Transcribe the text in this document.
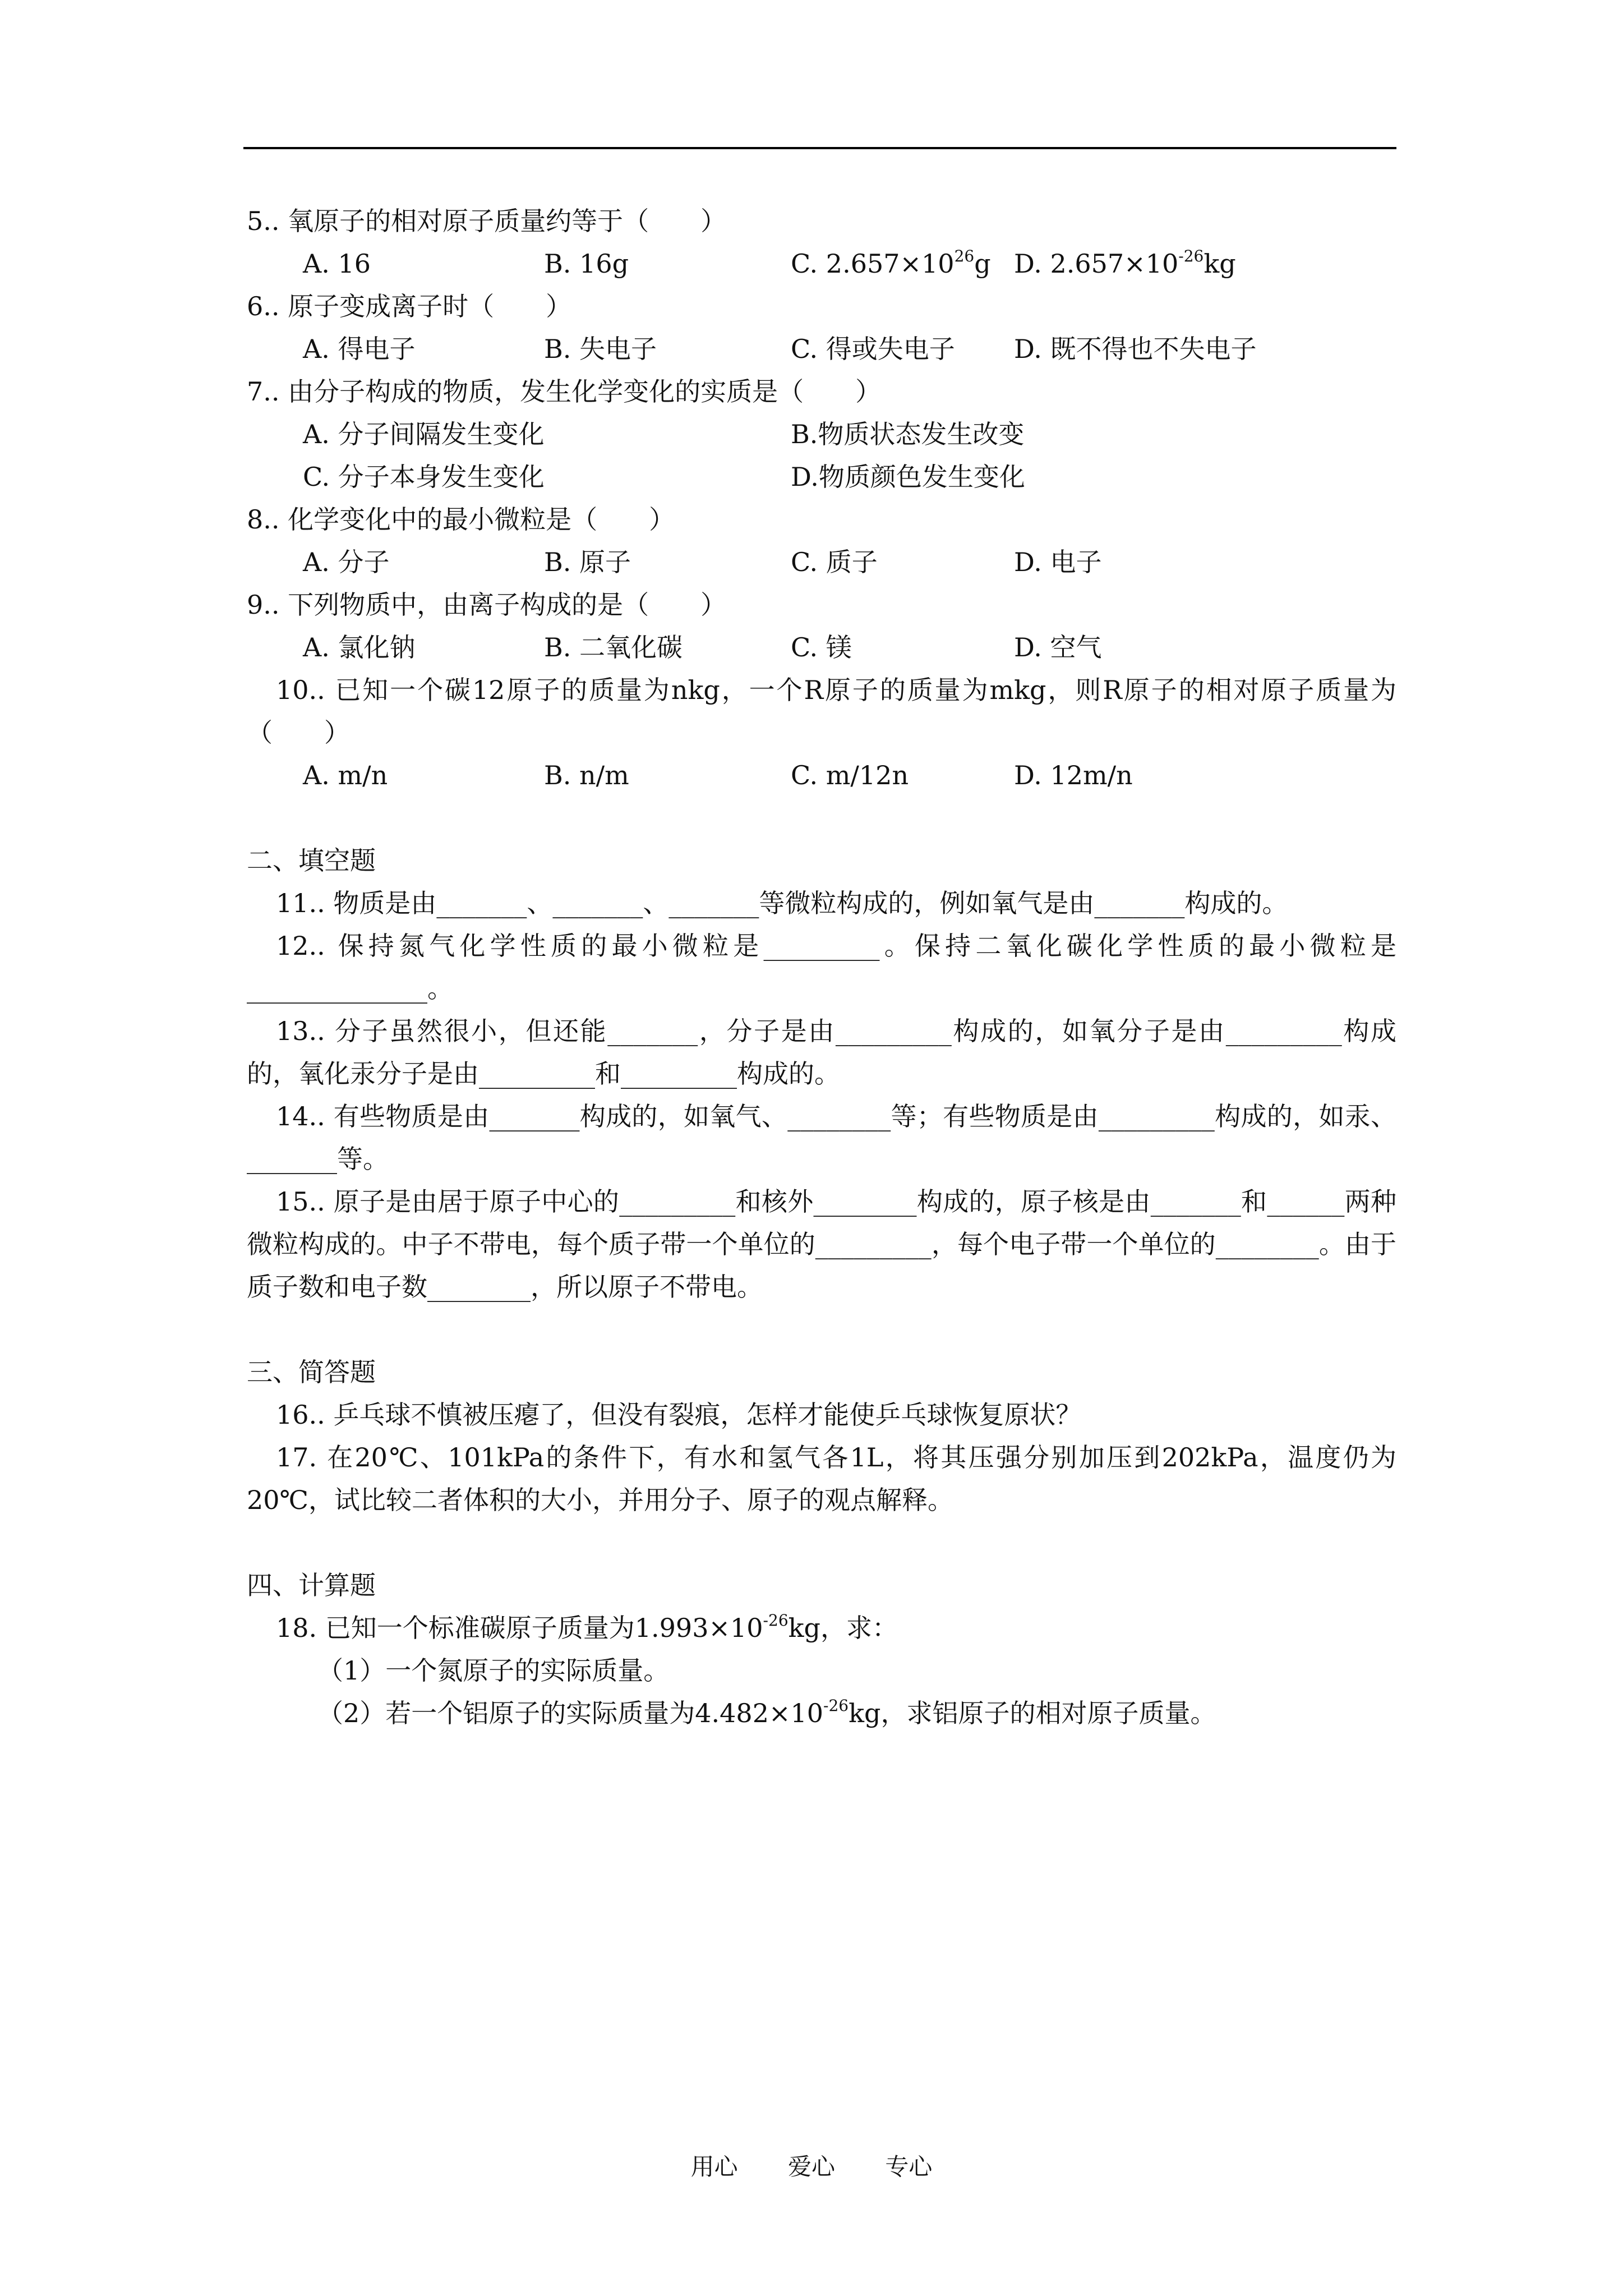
5.. 氧原子的相对原子质量约等于（　　）
A. 16	B. 16g	C. $2.657\times 10^{26}g$ D. $2.657\times 10^{-26}kg$
6.. 原子变成离子时（　　）
A. 得电子	B. 失电子	C. 得或失电子 D. 既不得也不失电子
7.. 由分子构成的物质，发生化学变化的实质是（　　）
A. 分子间隔发生变化	B.物质状态发生改变
C. 分子本身发生变化	D.物质颜色发生变化
8.. 化学变化中的最小微粒是（　　）
A. 分子	B. 原子	C. 质子	D. 电子
9.. 下列物质中，由离子构成的是（　　）
A. 氯化钠	B. 二氧化碳	C. 镁	D. 空气
10.. 已知一个碳12原子的质量为nkg，一个R原子的质量为mkg，则R原子的相对原子质量为（　　）
A. m/n	B. n/m	C. m/12n	D. 12m/n
二、填空题
11.. 物质是由_______、_______、_______等微粒构成的，例如氧气是由_______构成的。
12.. 保持氮气化学性质的最小微粒是_________。保持二氧化碳化学性质的最小微粒是______________。
13.. 分子虽然很小，但还能_______，分子是由_________构成的，如氧分子是由_________构成的，氧化汞分子是由_________和_________构成的。
14.. 有些物质是由_______构成的，如氧气、________等；有些物质是由_________构成的，如汞、_______等。
15.. 原子是由居于原子中心的_________和核外________构成的，原子核是由_______和______两种微粒构成的。中子不带电，每个质子带一个单位的_________，每个电子带一个单位的________。由于质子数和电子数________，所以原子不带电。
三、简答题
16.. 乒乓球不慎被压瘪了，但没有裂痕，怎样才能使乒乓球恢复原状？
17. 在20℃、101kPa的条件下，有水和氢气各1L，将其压强分别加压到202kPa，温度仍为20℃，试比较二者体积的大小，并用分子、原子的观点解释。
四、计算题
18. 已知一个标准碳原子质量为$1.993\times 10^{-26}kg$，求：
（1）一个氮原子的实际质量。
（2）若一个铝原子的实际质量为$4.482\times 10^{-26}kg$，求铝原子的相对原子质量。
用心 爱心 专心
